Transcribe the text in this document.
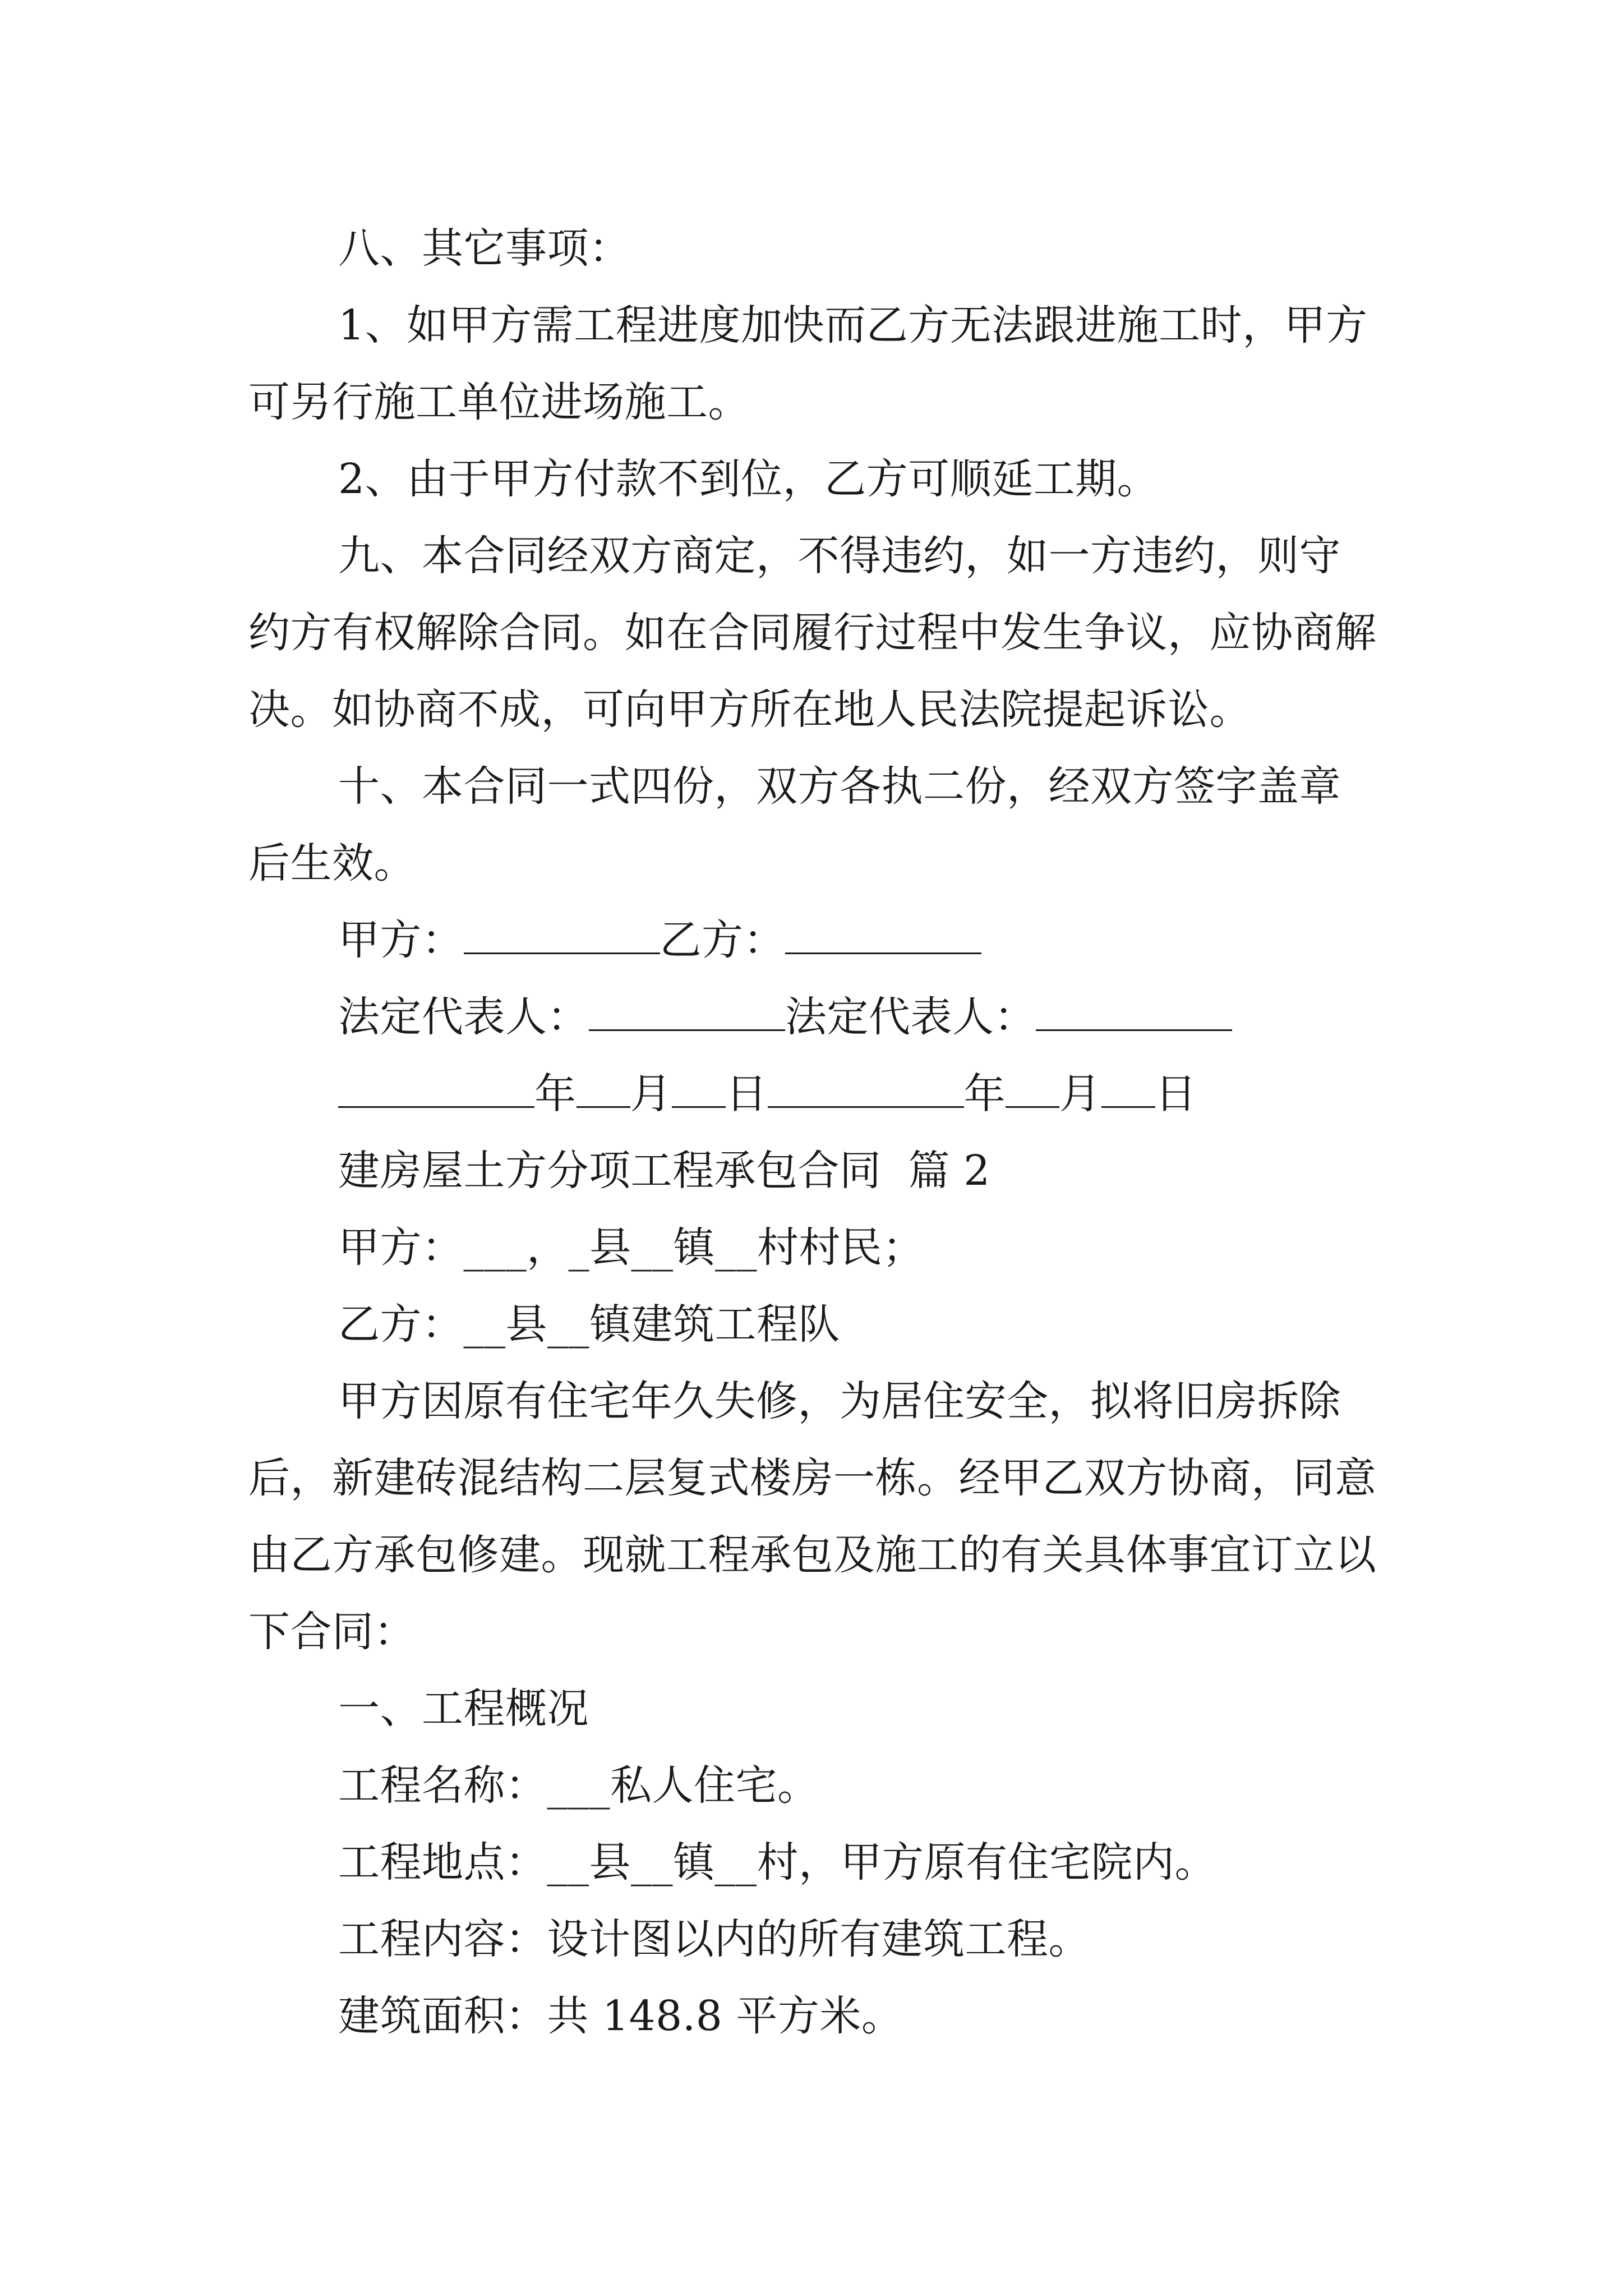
八、其它事项：

1、如甲方需工程进度加快而乙方无法跟进施工时，甲方可另行施工单位进场施工。

2、由于甲方付款不到位，乙方可顺延工期。

九、本合同经双方商定，不得违约，如一方违约，则守约方有权解除合同。如在合同履行过程中发生争议，应协商解决。如协商不成，可向甲方所在地人民法院提起诉讼。

十、本合同一式四份，双方各执二份，经双方签字盖章后生效。

甲方：	乙方：
法定代表人：	法定代表人：
年 月 日	年 月 日
建房屋土方分项工程承包合同  篇 2
甲方：___，_县__镇__村村民；
乙方：__县__镇建筑工程队

甲方因原有住宅年久失修，为居住安全，拟将旧房拆除后，新建砖混结构二层复式楼房一栋。经甲乙双方协商，同意由乙方承包修建。现就工程承包及施工的有关具体事宜订立以下合同：

一、工程概况
工程名称：___私人住宅。
工程地点：__县__镇__村，甲方原有住宅院内。
工程内容：设计图以内的所有建筑工程。
建筑面积：共 148.8 平方米。
